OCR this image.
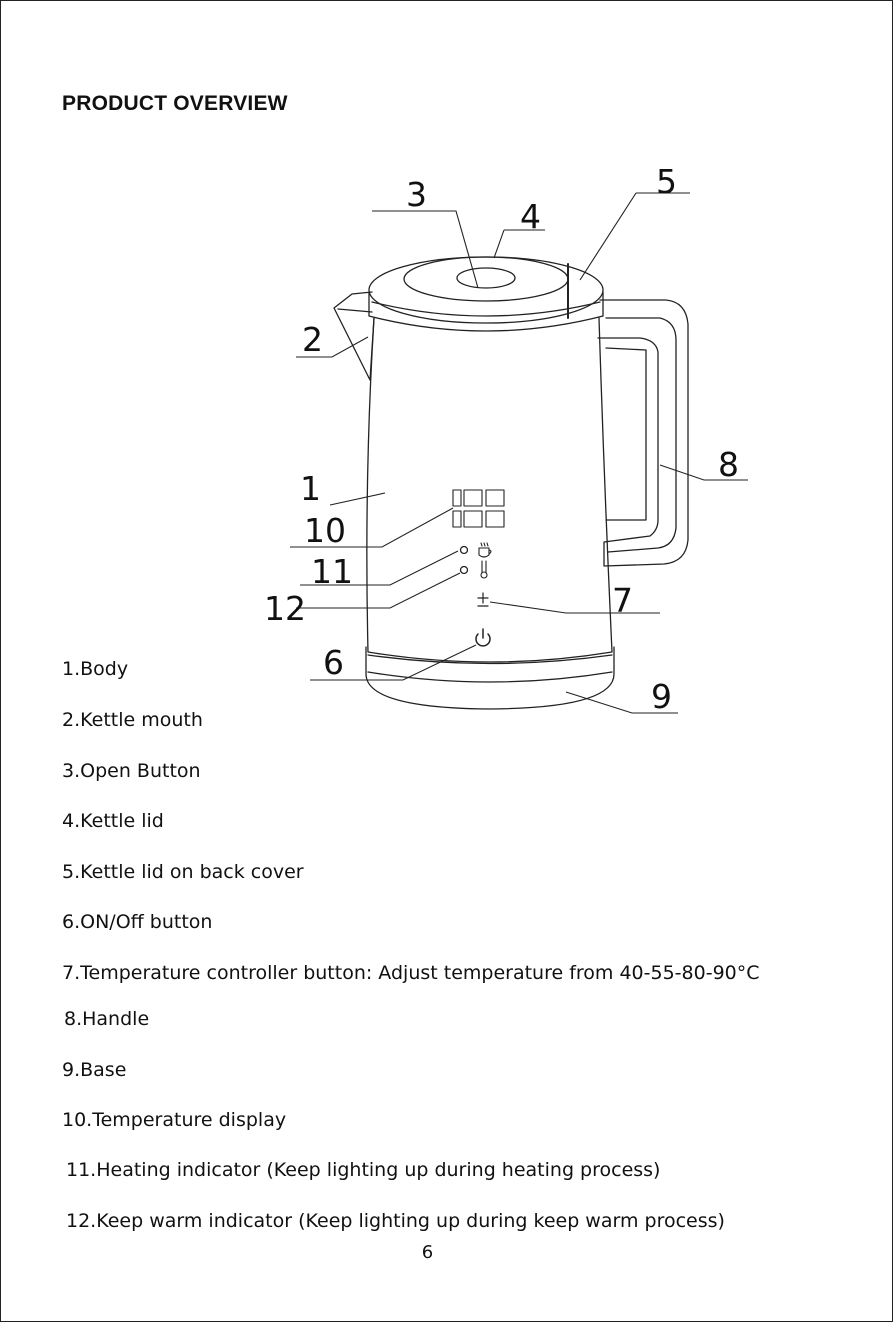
PRODUCT OVERVIEW
1
2
3
4
5
6
7
8
9
10
11
12
1.Body
2.Kettle mouth
3.Open Button
4.Kettle lid
5.Kettle lid on back cover
6.ON/Off button
7.Temperature controller button: Adjust temperature from 40-55-80-90°C
8.Handle
9.Base
10.Temperature display
11.Heating indicator (Keep lighting up during heating process)
12.Keep warm indicator (Keep lighting up during keep warm process)
6
